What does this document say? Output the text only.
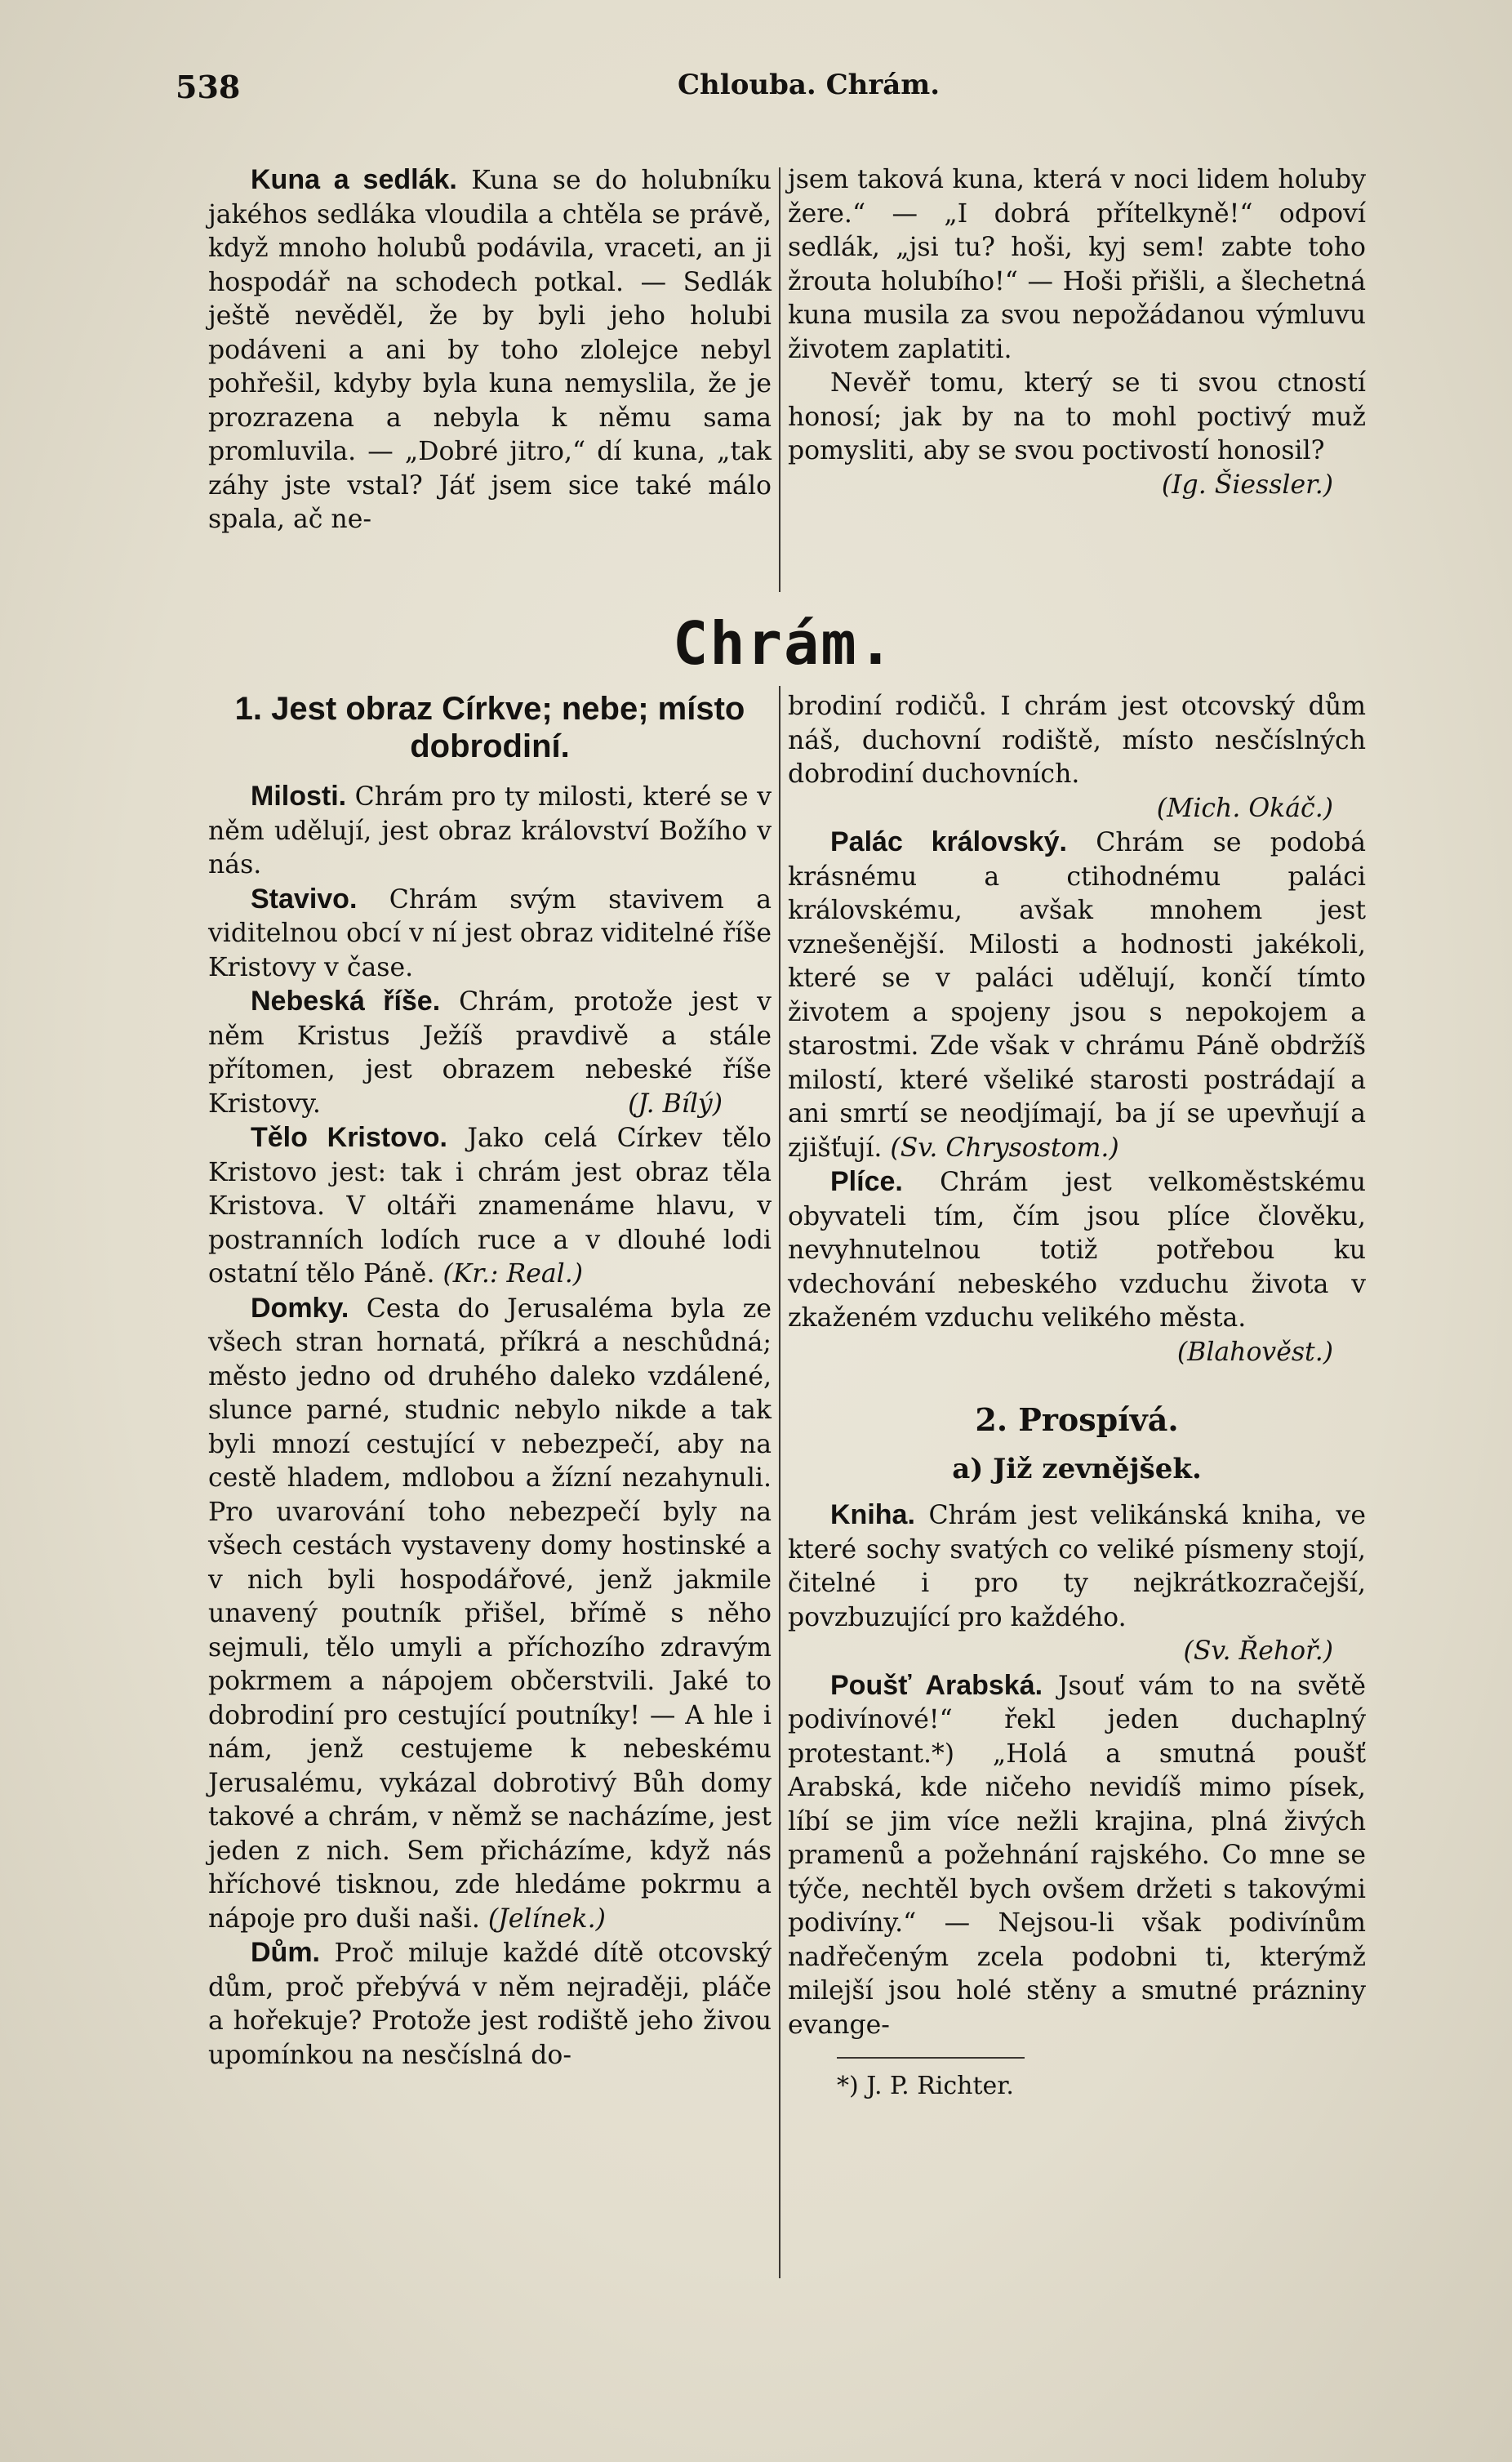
538	Chlouba. Chrám.

Kuna a sedlák. Kuna se do holubníku jakéhos sedláka vloudila a chtěla se právě, když mnoho holubů podávila, vraceti, an ji hospodář na schodech potkal. — Sedlák ještě nevěděl, že by byli jeho holubi podáveni a ani by toho zlolejce nebyl pohřešil, kdyby byla kuna nemyslila, že je prozrazena a nebyla k němu sama promluvila. — „Dobré jitro,“ dí kuna, „tak záhy jste vstal? Jáť jsem sice také málo spala, ač ne-

jsem taková kuna, která v noci lidem holuby žere.“ — „I dobrá přítelkyně!“ odpoví sedlák, „jsi tu? hoši, kyj sem! zabte toho žrouta holubího!“ — Hoši přišli, a šlechetná kuna musila za svou nepožádanou výmluvu životem zaplatiti.

Nevěř tomu, který se ti svou ctností honosí; jak by na to mohl poctivý muž pomysliti, aby se svou poctivostí honosil?
(Ig. Šiessler.)

Chrám.
1. Jest obraz Církve; nebe; místo dobrodiní.

Milosti. Chrám pro ty milosti, které se v něm udělují, jest obraz království Božího v nás.

Stavivo. Chrám svým stavivem a viditelnou obcí v ní jest obraz viditelné říše Kristovy v čase.

Nebeská říše. Chrám, protože jest v něm Kristus Ježíš pravdivě a stále přítomen, jest obrazem nebeské říše Kristovy.	(J. Bílý)

Tělo Kristovo. Jako celá Církev tělo Kristovo jest: tak i chrám jest obraz těla Kristova. V oltáři znamenáme hlavu, v postranních lodích ruce a v dlouhé lodi ostatní tělo Páně. (Kr.: Real.)

Domky. Cesta do Jerusaléma byla ze všech stran hornatá, příkrá a neschůdná; město jedno od druhého daleko vzdálené, slunce parné, studnic nebylo nikde a tak byli mnozí cestující v nebezpečí, aby na cestě hladem, mdlobou a žízní nezahynuli. Pro uvarování toho nebezpečí byly na všech cestách vystaveny domy hostinské a v nich byli hospodářové, jenž jakmile unavený poutník přišel, břímě s něho sejmuli, tělo umyli a příchozího zdravým pokrmem a nápojem občerstvili. Jaké to dobrodiní pro cestující poutníky! — A hle i nám, jenž cestujeme k nebeskému Jerusalému, vykázal dobrotivý Bůh domy takové a chrám, v němž se nacházíme, jest jeden z nich. Sem přicházíme, když nás hříchové tisknou, zde hledáme pokrmu a nápoje pro duši naši. (Jelínek.)

Dům. Proč miluje každé dítě otcovský dům, proč přebývá v něm nejraději, pláče a hořekuje? Protože jest rodiště jeho živou upomínkou na nesčíslná do-

brodiní rodičů. I chrám jest otcovský dům náš, duchovní rodiště, místo nesčíslných dobrodiní duchovních.

(Mich. Okáč.)

Palác královský. Chrám se podobá krásnému a ctihodnému paláci královskému, avšak mnohem jest vznešenější. Milosti a hodnosti jakékoli, které se v paláci udělují, končí tímto životem a spojeny jsou s nepokojem a starostmi. Zde však v chrámu Páně obdržíš milostí, které všeliké starosti postrádají a ani smrtí se neodjímají, ba jí se upevňují a zjišťují. (Sv. Chrysostom.)

Plíce. Chrám jest velkoměstskému obyvateli tím, čím jsou plíce člověku, nevyhnutelnou totiž potřebou ku vdechování nebeského vzduchu života v zkaženém vzduchu velikého města.

(Blahověst.)
2. Prospívá.
a) Již zevnějšek.

Kniha. Chrám jest velikánská kniha, ve které sochy svatých co veliké písmeny stojí, čitelné i pro ty nejkrátkozračejší, povzbuzující pro každého.

(Sv. Řehoř.)

Poušť Arabská. Jsouť vám to na světě podivínové!“ řekl jeden duchaplný protestant.*) „Holá a smutná poušť Arabská, kde ničeho nevidíš mimo písek, líbí se jim více nežli krajina, plná živých pramenů a požehnání rajského. Co mne se týče, nechtěl bych ovšem držeti s takovými podivíny.“ — Nejsou-li však podivínům nadřečeným zcela podobni ti, kterýmž milejší jsou holé stěny a smutné prázniny evange-

*) J. P. Richter.
